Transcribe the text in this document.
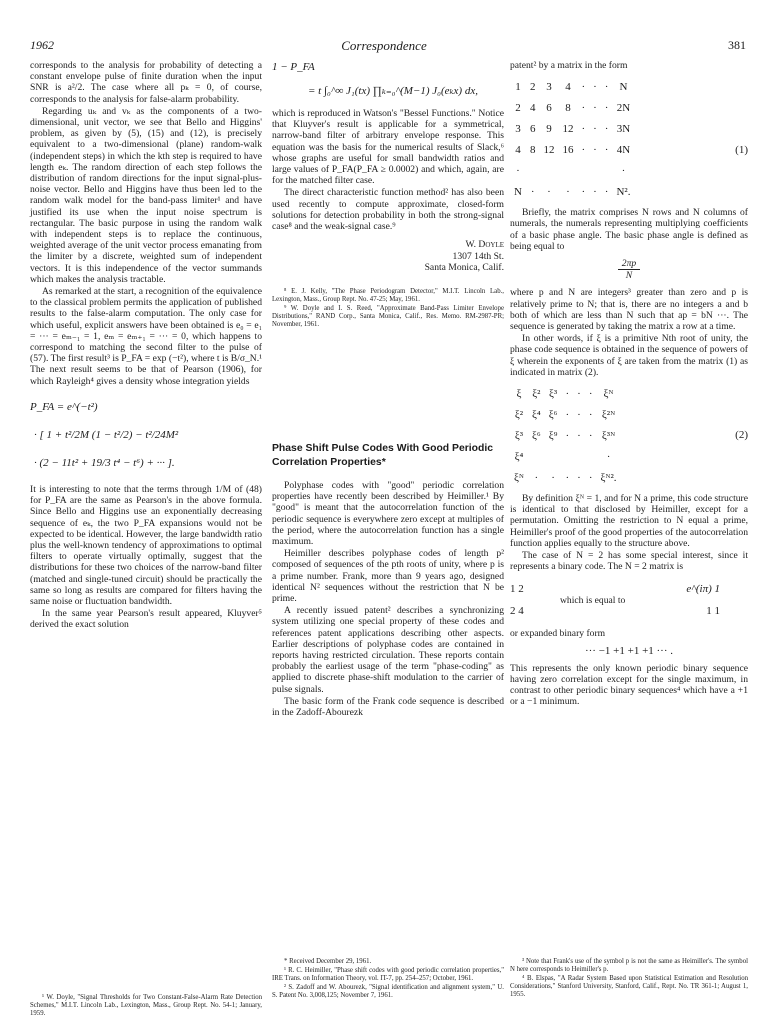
1962	Correspondence	381

corresponds to the analysis for probability of detecting a constant envelope pulse of finite duration when the input SNR is a²/2. The case where all pₖ = 0, of course, corresponds to the analysis for false-alarm probability.

Regarding uₖ and vₖ as the components of a two-dimensional, unit vector, we see that Bello and Higgins' problem, as given by (5), (15) and (12), is precisely equivalent to a two-dimensional (plane) random-walk (independent steps) in which the kth step is required to have length eₖ. The random direction of each step follows the distribution of random directions for the input signal-plus-noise vector. Bello and Higgins have thus been led to the random walk model for the band-pass limiter¹ and have justified its use when the input noise spectrum is rectangular. The basic purpose in using the random walk with independent steps is to replace the continuous, weighted average of the unit vector process emanating from the limiter by a discrete, weighted sum of independent vectors. It is this independence of the vector summands which makes the analysis tractable.

As remarked at the start, a recognition of the equivalence to the classical problem permits the application of published results to the false-alarm computation. The only case for which useful, explicit answers have been obtained is e₀ = e₁ = ··· = eₘ₋₁ = 1, eₘ = eₘ₊₁ = ··· = 0, which happens to correspond to matching the second filter to the pulse of (57). The first result³ is P_FA = exp (−t²), where t is B/σ_N.¹ The next result seems to be that of Pearson (1906), for which Rayleigh⁴ gives a density whose integration yields

P_FA = e^(−t²)
· [ 1 + t²/2M (1 − t²/2) − t²/24M²
· (2 − 11t² + 19/3 t⁴ − t⁶) + ··· ].

It is interesting to note that the terms through 1/M of (48) for P_FA are the same as Pearson's in the above formula. Since Bello and Higgins use an exponentially decreasing sequence of eₖ, the two P_FA expansions would not be expected to be identical. However, the large bandwidth ratio plus the well-known tendency of approximations to optimal filters to operate virtually optimally, suggest that the distributions for these two choices of the narrow-band filter (matched and single-tuned circuit) should be practically the same so long as results are compared for filters having the same noise or fluctuation bandwidth.

In the same year Pearson's result appeared, Kluyver⁵ derived the exact solution

¹ W. Doyle, "Signal Thresholds for Two Constant-False-Alarm Rate Detection Schemes," M.I.T. Lincoln Lab., Lexington, Mass., Group Rept. No. 54-1; January, 1959.

1 − P_FA
= t ∫₀^∞ J₁(tx) ∏ₖ₌₀^(M−1) J₀(eₖx) dx,

which is reproduced in Watson's "Bessel Functions." Notice that Kluyver's result is applicable for a symmetrical, narrow-band filter of arbitrary envelope response. This equation was the basis for the numerical results of Slack,⁶ whose graphs are useful for small bandwidth ratios and large values of P_FA(P_FA ≥ 0.0002) and which, again, are for the matched filter case.

The direct characteristic function method² has also been used recently to compute approximate, closed-form solutions for detection probability in both the strong-signal case⁸ and the weak-signal case.⁹

W. Doyle
1307 14th St.
Santa Monica, Calif.

⁸ E. J. Kelly, "The Phase Periodogram Detector," M.I.T. Lincoln Lab., Lexington, Mass., Group Rept. No. 47-25; May, 1961.

⁹ W. Doyle and I. S. Reed, "Approximate Band-Pass Limiter Envelope Distributions," RAND Corp., Santa Monica, Calif., Res. Memo. RM-2987-PR; November, 1961.

Phase Shift Pulse Codes With Good Periodic Correlation Properties*

Polyphase codes with "good" periodic correlation properties have recently been described by Heimiller.¹ By "good" is meant that the autocorrelation function of the periodic sequence is everywhere zero except at multiples of the period, where the autocorrelation function has a single maximum.

Heimiller describes polyphase codes of length p² composed of sequences of the pth roots of unity, where p is a prime number. Frank, more than 9 years ago, designed identical N² sequences without the restriction that N be prime.

A recently issued patent² describes a synchronizing system utilizing one special property of these codes and references patent applications describing other aspects. Earlier descriptions of polyphase codes are contained in reports having restricted circulation. These reports contain probably the earliest usage of the term "phase-coding" as applied to discrete phase-shift modulation to the carrier of pulse signals.

The basic form of the Frank code sequence is described in the Zadoff-Abourezk

* Received December 29, 1961.

¹ R. C. Heimiller, "Phase shift codes with good periodic correlation properties," IRE Trans. on Information Theory, vol. IT-7, pp. 254–257; October, 1961.

² S. Zadoff and W. Abourezk, "Signal identification and alignment system," U. S. Patent No. 3,008,125; November 7, 1961.

patent² by a matrix in the form

1	2	3	4	·	·	·	N
2	4	6	8	·	·	·	2N
3	6	9	12	·	·	·	3N
4	8	12	16	·	·	·	4N
·							·
N	·	·	·	·	·	·	N².
(1)

Briefly, the matrix comprises N rows and N columns of numerals, the numerals representing multiplying coefficients of a basic phase angle. The basic phase angle is defined as being equal to

$\frac{2\pi p}{N}$

where p and N are integers³ greater than zero and p is relatively prime to N; that is, there are no integers a and b both of which are less than N such that ap = bN ···. The sequence is generated by taking the matrix a row at a time.

In other words, if ξ is a primitive Nth root of unity, the phase code sequence is obtained in the sequence of powers of ξ wherein the exponents of ξ are taken from the matrix (1) as indicated in matrix (2).

ξ	ξ²	ξ³	·	·	·	ξᴺ
ξ²	ξ⁴	ξ⁶	·	·	·	ξ²ᴺ
ξ³	ξ⁶	ξ⁹	·	·	·	ξ³ᴺ
ξ⁴						·
ξᴺ	·	·	·	·	·	ξᴺ².
(2)

By definition ξᴺ = 1, and for N a prime, this code structure is identical to that disclosed by Heimiller, except for a permutation. Omitting the restriction to N equal a prime, Heimiller's proof of the good properties of the autocorrelation function applies equally to the structure above.

The case of N = 2 has some special interest, since it represents a binary code. The N = 2 matrix is

1 2
2 4
which is equal to
e^(iπ) 1
1 1

or expanded binary form

··· −1 +1 +1 +1 ··· .

This represents the only known periodic binary sequence having zero correlation except for the single maximum, in contrast to other periodic binary sequences⁴ which have a +1 or a −1 minimum.

³ Note that Frank's use of the symbol p is not the same as Heimiller's. The symbol N here corresponds to Heimiller's p.

⁴ B. Elspas, "A Radar System Based upon Statistical Estimation and Resolution Considerations," Stanford University, Stanford, Calif., Rept. No. TR 361-1; August 1, 1955.
